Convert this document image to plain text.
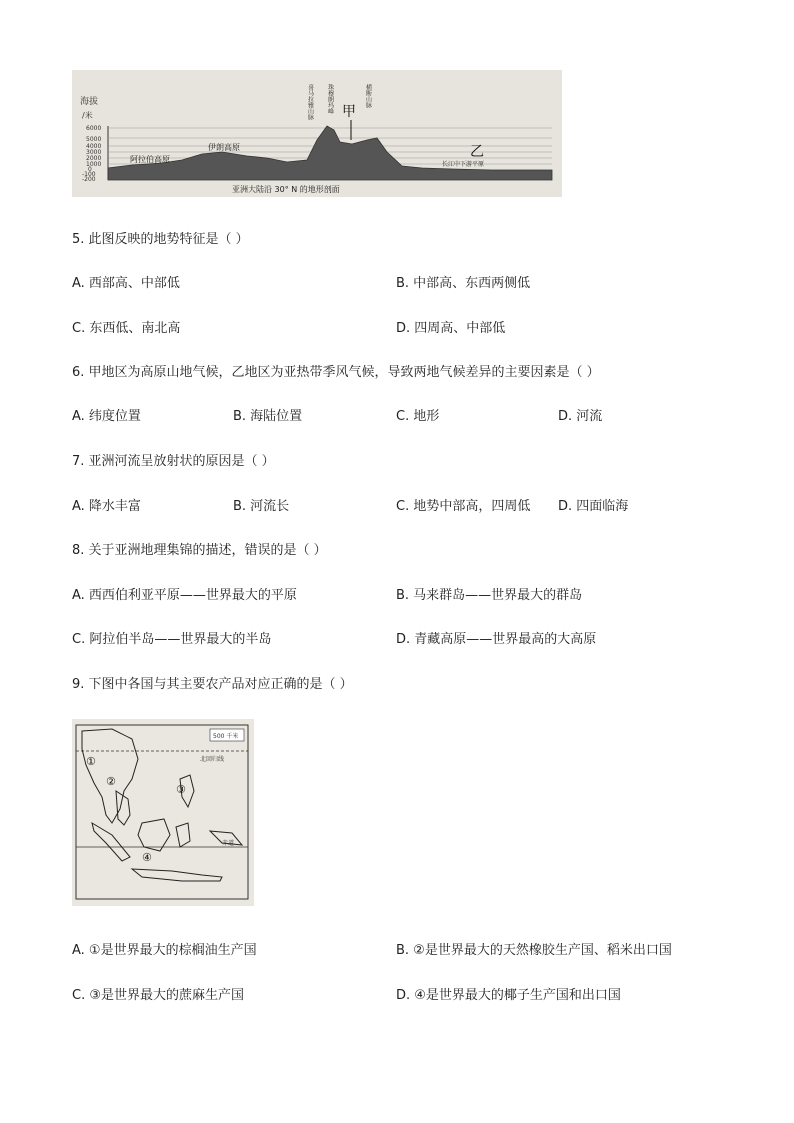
海拔
/米
6000
5000
4000
3000
2000
1000
0
-100
-200
阿拉伯高原
伊朗高原
长江中下游平原
喜马拉雅山脉 珠穆朗玛峰	横断山脉
甲
乙
亚洲大陆沿 30° N 的地形剖面
5. 此图反映的地势特征是（ ）
A. 西部高、中部低	B. 中部高、东西两侧低
C. 东西低、南北高	D. 四周高、中部低
6. 甲地区为高原山地气候，乙地区为亚热带季风气候，导致两地气候差异的主要因素是（ ）
A. 纬度位置	B. 海陆位置	C. 地形	D. 河流
7. 亚洲河流呈放射状的原因是（ ）
A. 降水丰富	B. 河流长	C. 地势中部高，四周低 D. 四面临海
8. 关于亚洲地理集锦的描述，错误的是（ ）
A. 西西伯利亚平原——世界最大的平原	B. 马来群岛——世界最大的群岛
C. 阿拉伯半岛——世界最大的半岛	D. 青藏高原——世界最高的大高原
9. 下图中各国与其主要农产品对应正确的是（ ）
北回归线
赤道
500 千米
①
②
③
④
A. ①是世界最大的棕榈油生产国	B. ②是世界最大的天然橡胶生产国、稻米出口国
C. ③是世界最大的蔗麻生产国	D. ④是世界最大的椰子生产国和出口国
